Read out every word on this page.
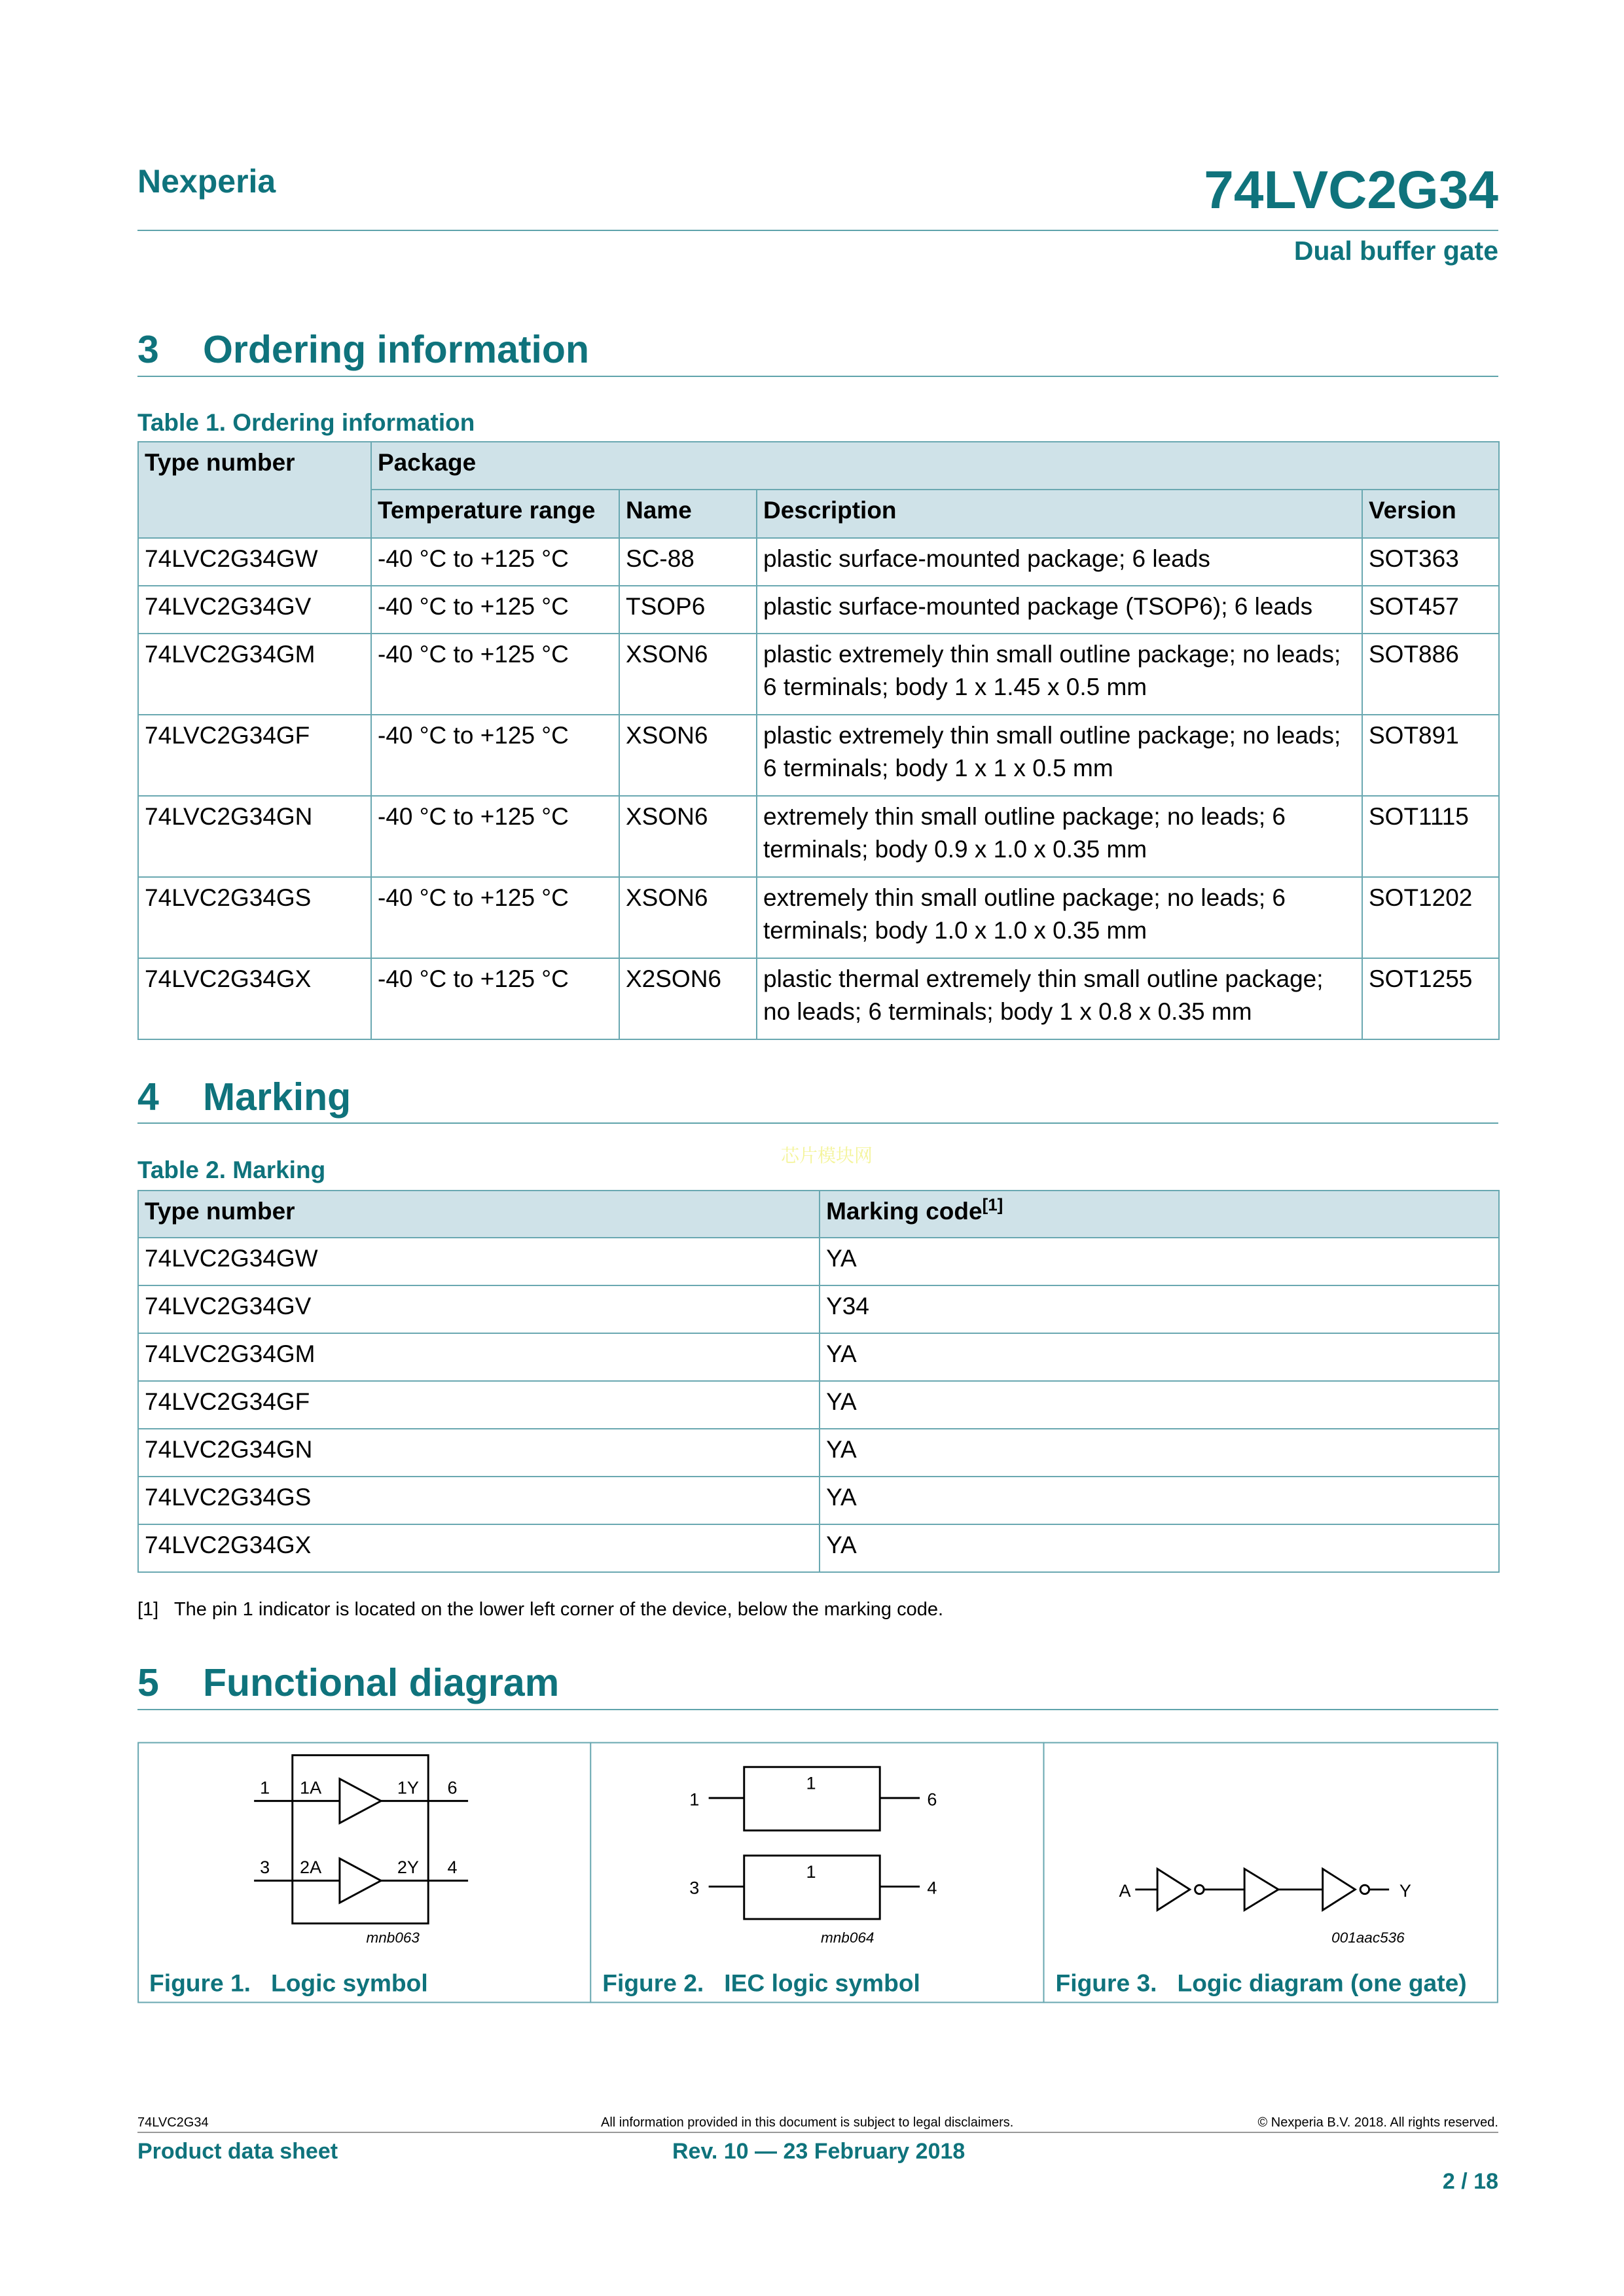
Nexperia	74LVC2G34
Dual buffer gate
3 Ordering information
Table 1. Ordering information
Type number	Package			
	Temperature range	Name	Description	Version
74LVC2G34GW	-40 °C to +125 °C	SC-88	plastic surface-mounted package; 6 leads	SOT363
74LVC2G34GV	-40 °C to +125 °C	TSOP6	plastic surface-mounted package (TSOP6); 6 leads	SOT457
74LVC2G34GM	-40 °C to +125 °C	XSON6	plastic extremely thin small outline package; no leads; 6 terminals; body 1 x 1.45 x 0.5 mm	SOT886
74LVC2G34GF	-40 °C to +125 °C	XSON6	plastic extremely thin small outline package; no leads; 6 terminals; body 1 x 1 x 0.5 mm	SOT891
74LVC2G34GN	-40 °C to +125 °C	XSON6	extremely thin small outline package; no leads; 6 terminals; body 0.9 x 1.0 x 0.35 mm	SOT1115
74LVC2G34GS	-40 °C to +125 °C	XSON6	extremely thin small outline package; no leads; 6 terminals; body 1.0 x 1.0 x 0.35 mm	SOT1202
74LVC2G34GX	-40 °C to +125 °C	X2SON6	plastic thermal extremely thin small outline package; no leads; 6 terminals; body 1 x 0.8 x 0.35 mm	SOT1255
4 Marking
芯片模块网
Table 2. Marking
Type number	Marking code[1]
74LVC2G34GW	YA
74LVC2G34GV	Y34
74LVC2G34GM	YA
74LVC2G34GF	YA
74LVC2G34GN	YA
74LVC2G34GS	YA
74LVC2G34GX	YA
[1]   The pin 1 indicator is located on the lower left corner of the device, below the marking code.
5 Functional diagram
1	1A	1Y	6
3	2A	2Y	4
mnb063
1
1
6
3
1
4
mnb064
A	Y
001aac536
Figure 1.   Logic symbol	Figure 2.   IEC logic symbol	Figure 3.   Logic diagram (one gate)
74LVC2G34	All information provided in this document is subject to legal disclaimers.	© Nexperia B.V. 2018. All rights reserved.
Product data sheet	Rev. 10 — 23 February 2018
2 / 18
